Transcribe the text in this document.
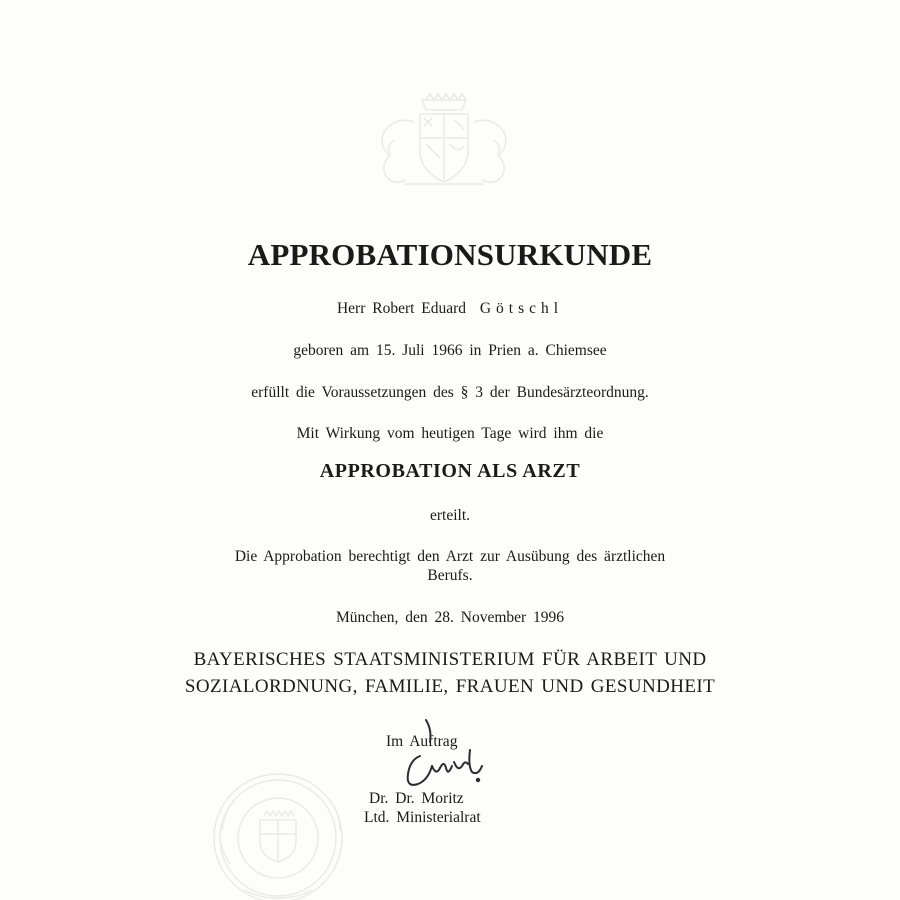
APPROBATIONSURKUNDE
Herr Robert Eduard Götschl
geboren am 15. Juli 1966 in Prien a. Chiemsee
erfüllt die Voraussetzungen des § 3 der Bundesärzteordnung.
Mit Wirkung vom heutigen Tage wird ihm die
APPROBATION ALS ARZT
erteilt.
Die Approbation berechtigt den Arzt zur Ausübung des ärztlichen
Berufs.
München, den 28. November 1996
BAYERISCHES STAATSMINISTERIUM FÜR ARBEIT UND
SOZIALORDNUNG, FAMILIE, FRAUEN UND GESUNDHEIT
Im Auftrag
Dr. Dr. Moritz
Ltd. Ministerialrat
